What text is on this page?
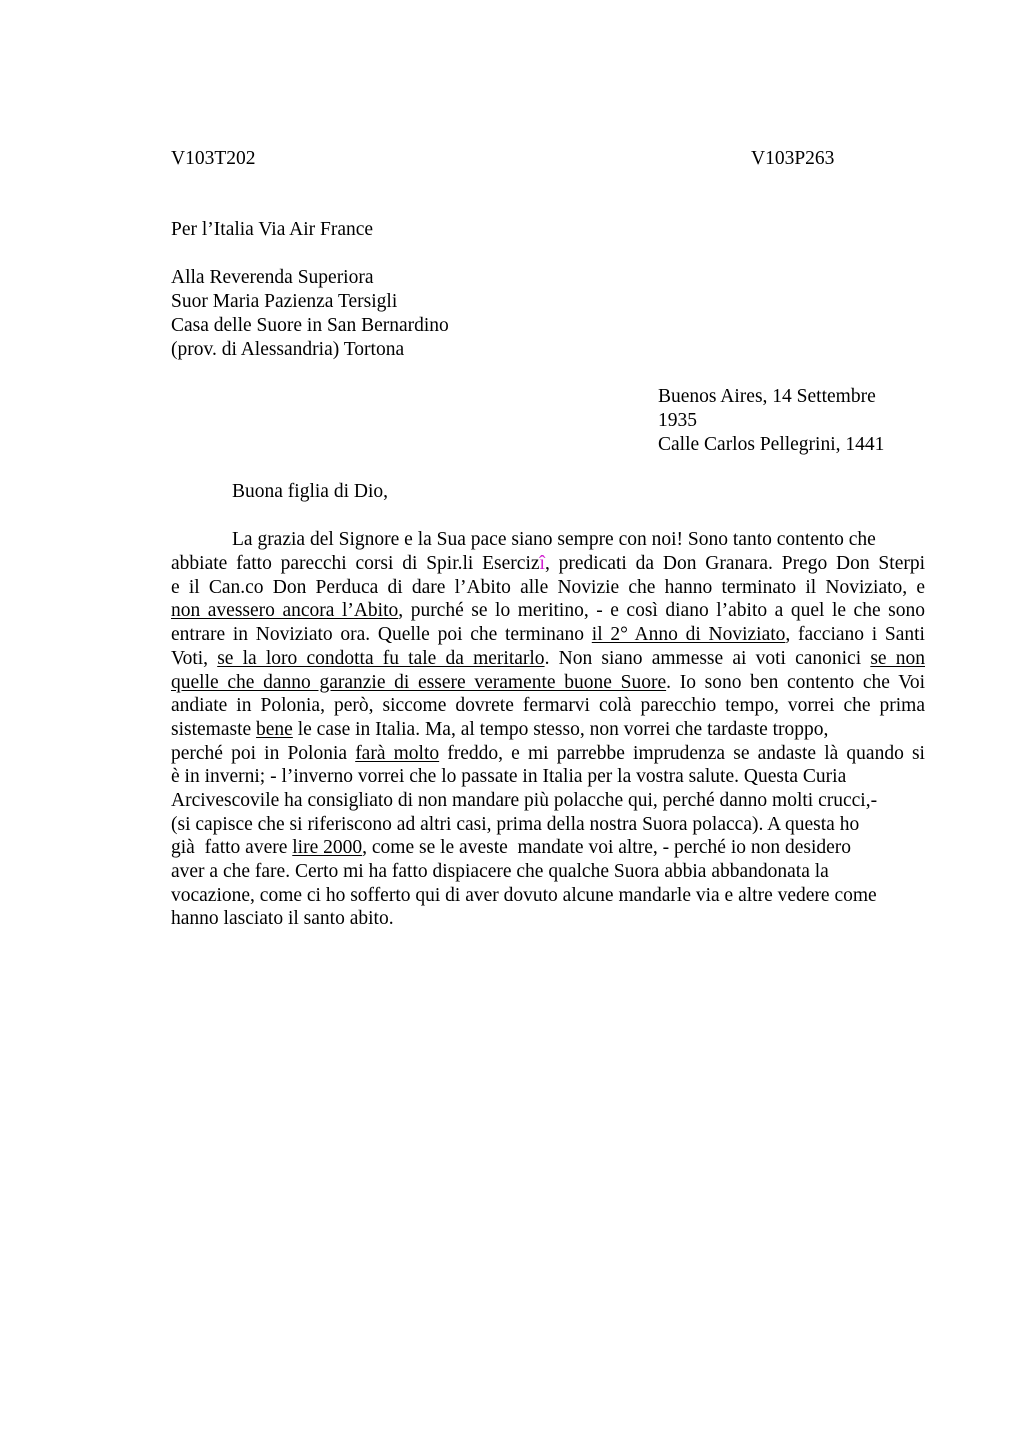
V103T202	V103P263
Per l’Italia Via Air France
Alla Reverenda Superiora
Suor Maria Pazienza Tersigli
Casa delle Suore in San Bernardino
(prov. di Alessandria) Tortona
Buenos Aires, 14 Settembre
1935
Calle Carlos Pellegrini, 1441
Buona figlia di Dio,
La grazia del Signore e la Sua pace siano sempre con noi! Sono tanto contento che
abbiate fatto parecchi corsi di Spir.li Esercizî, predicati da Don Granara. Prego Don Sterpi
e il Can.co Don Perduca di dare l’Abito alle Novizie che hanno terminato il Noviziato, e
non avessero ancora l’Abito, purché se lo meritino, - e così diano l’abito a quel le che sono
entrare in Noviziato ora. Quelle poi che terminano il 2° Anno di Noviziato, facciano i Santi
Voti, se la loro condotta fu tale da meritarlo. Non siano ammesse ai voti canonici se non
quelle che danno garanzie di essere veramente buone Suore. Io sono ben contento che Voi
andiate in Polonia, però, siccome dovrete fermarvi colà parecchio tempo, vorrei che prima
sistemaste bene le case in Italia. Ma, al tempo stesso, non vorrei che tardaste troppo,
perché poi in Polonia farà molto freddo, e mi parrebbe imprudenza se andaste là quando si
è in inverni; - l’inverno vorrei che lo passate in Italia per la vostra salute. Questa Curia
Arcivescovile ha consigliato di non mandare più polacche qui, perché danno molti crucci,-
(si capisce che si riferiscono ad altri casi, prima della nostra Suora polacca). A questa ho
già  fatto avere lire 2000, come se le aveste  mandate voi altre, - perché io non desidero
aver a che fare. Certo mi ha fatto dispiacere che qualche Suora abbia abbandonata la
vocazione, come ci ho sofferto qui di aver dovuto alcune mandarle via e altre vedere come
hanno lasciato il santo abito.
